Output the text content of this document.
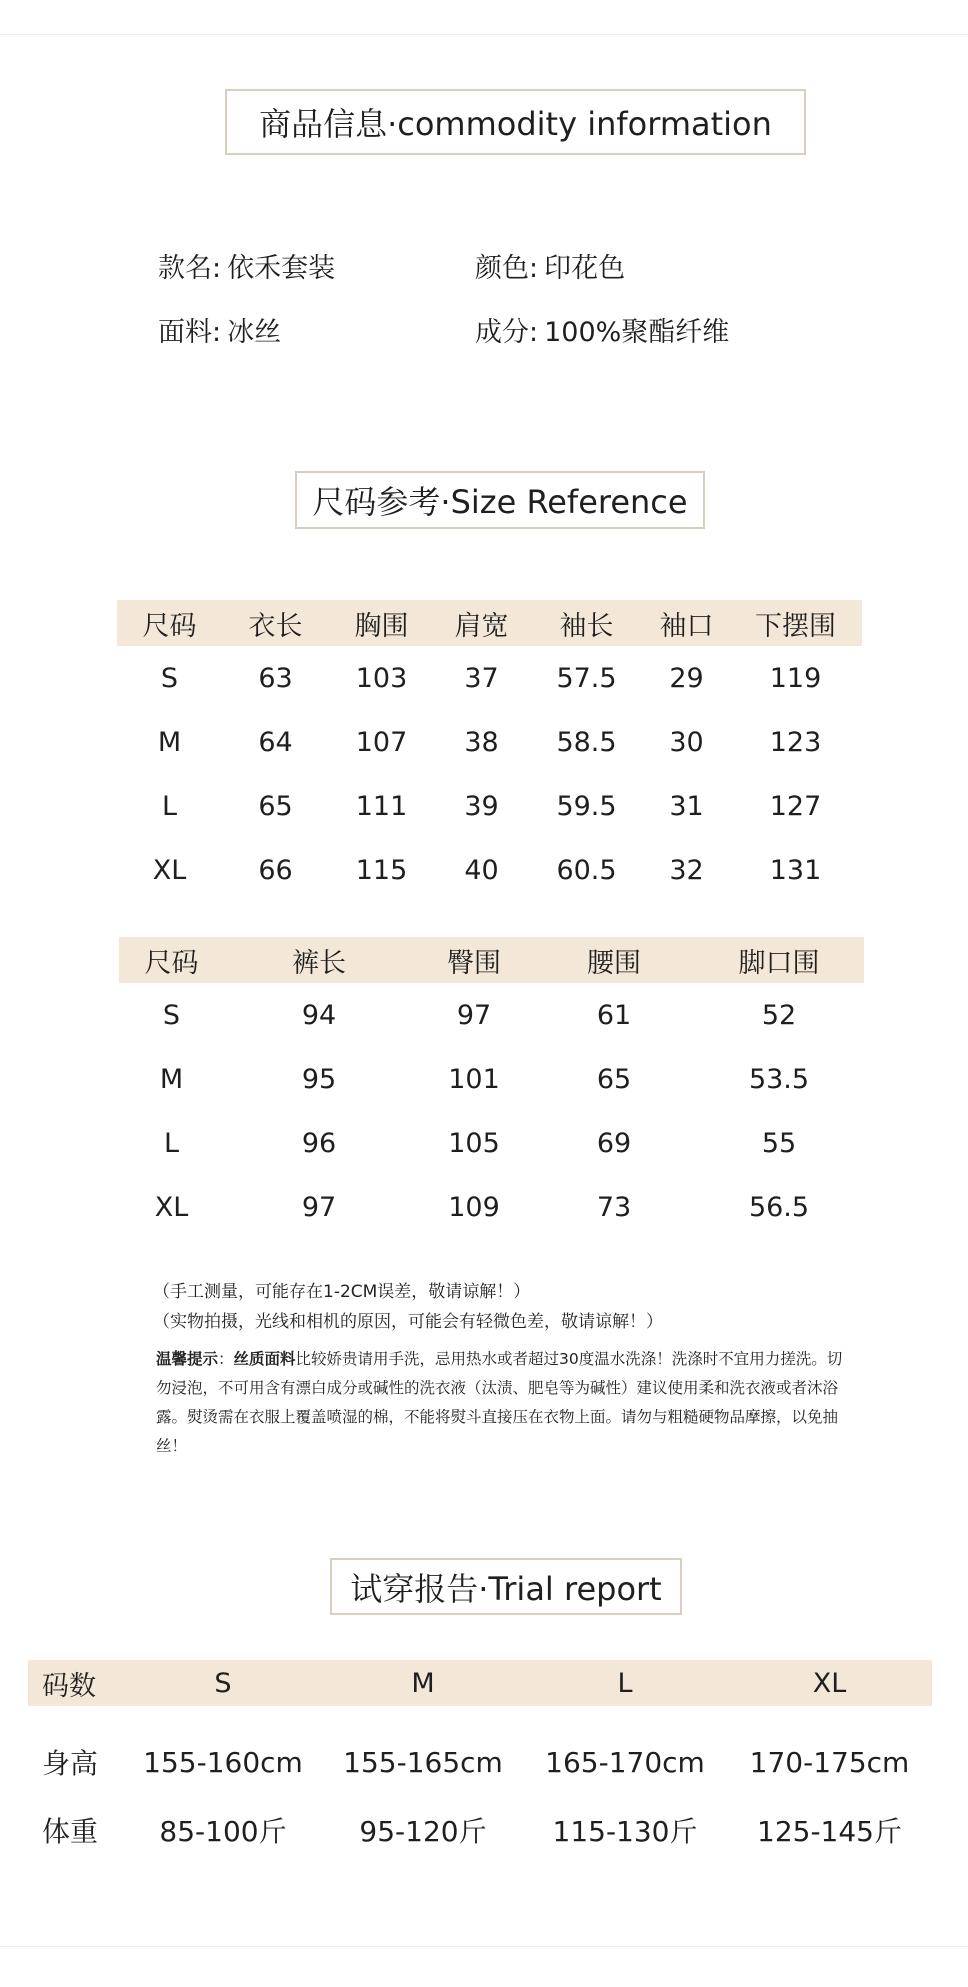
商品信息·commodity information
款名: 依禾套装	颜色: 印花色
面料: 冰丝	成分: 100%聚酯纤维
尺码参考·Size Reference
尺码	衣长	胸围	肩宽	袖长	袖口	下摆围
S	63	103	37	57.5	29	119
M	64	107	38	58.5	30	123
L	65	111	39	59.5	31	127
XL	66	115	40	60.5	32	131
尺码	裤长	臀围	腰围	脚口围
S	94	97	61	52
M	95	101	65	53.5
L	96	105	69	55
XL	97	109	73	56.5
（手工测量，可能存在1-2CM误差，敬请谅解！）
（实物拍摄，光线和相机的原因，可能会有轻微色差，敬请谅解！）
温馨提示：丝质面料比较娇贵请用手洗，忌用热水或者超过30度温水洗涤！洗涤时不宜用力搓洗。切勿浸泡，不可用含有漂白成分或碱性的洗衣液（汰渍、肥皂等为碱性）建议使用柔和洗衣液或者沐浴露。熨烫需在衣服上覆盖喷湿的棉，不能将熨斗直接压在衣物上面。请勿与粗糙硬物品摩擦，以免抽丝！
试穿报告·Trial report
码数	S	M	L	XL

身高	155-160cm	155-165cm	165-170cm	170-175cm
体重	85-100斤	95-120斤	115-130斤	125-145斤
